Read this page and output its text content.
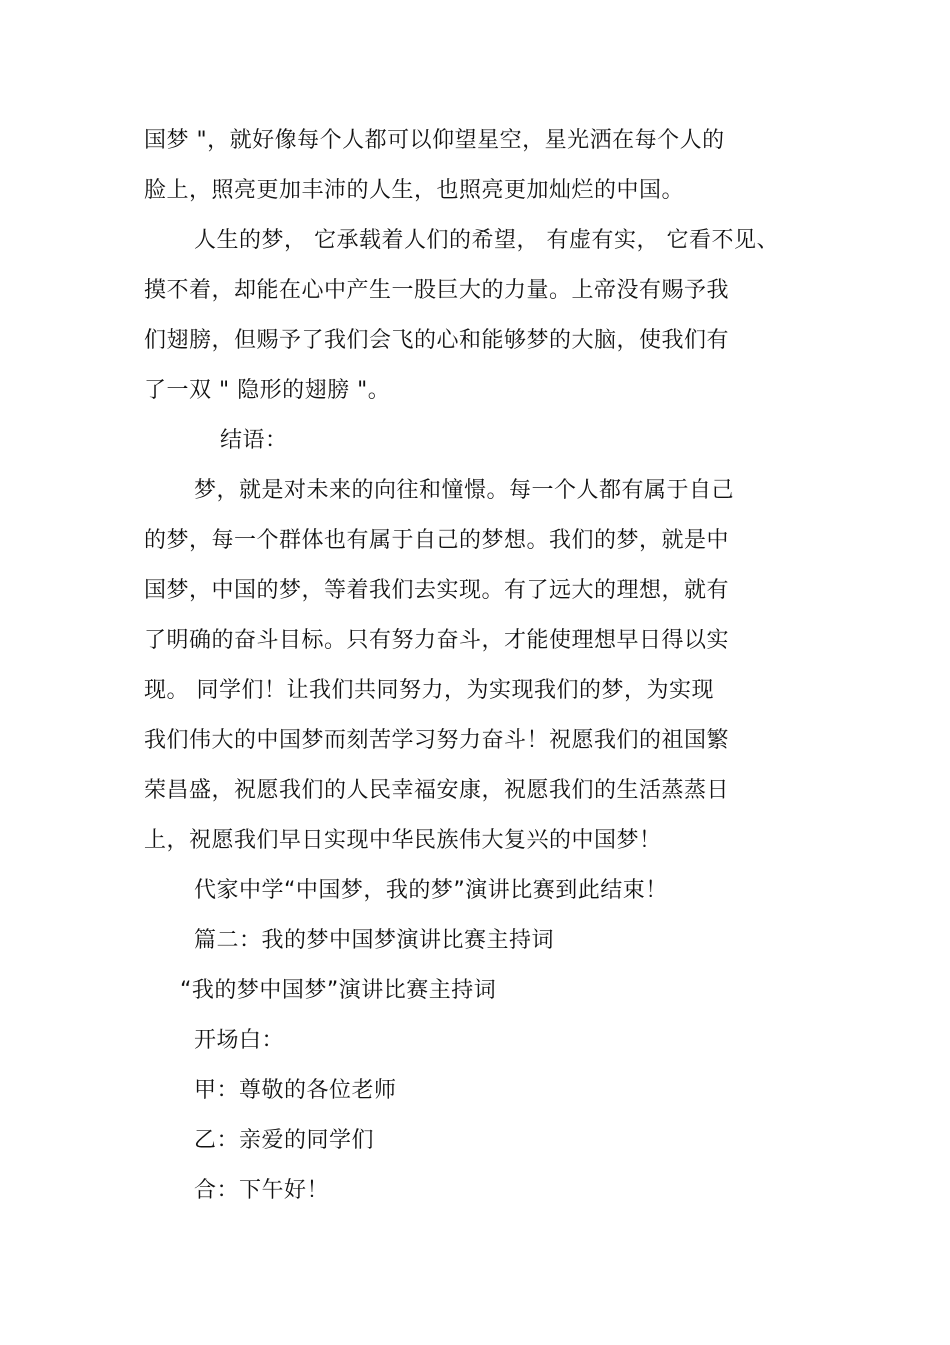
国梦 "，就好像每个人都可以仰望星空，星光洒在每个人的
脸上，照亮更加丰沛的人生，也照亮更加灿烂的中国。
人生的梦， 它承载着人们的希望， 有虚有实， 它看不见、
摸不着，却能在心中产生一股巨大的力量。上帝没有赐予我
们翅膀，但赐予了我们会飞的心和能够梦的大脑，使我们有
了一双 " 隐形的翅膀 "。
结语：
梦，就是对未来的向往和憧憬。每一个人都有属于自己
的梦，每一个群体也有属于自己的梦想。我们的梦，就是中
国梦，中国的梦，等着我们去实现。有了远大的理想，就有
了明确的奋斗目标。只有努力奋斗，才能使理想早日得以实
现。 同学们！让我们共同努力，为实现我们的梦，为实现
我们伟大的中国梦而刻苦学习努力奋斗！祝愿我们的祖国繁
荣昌盛，祝愿我们的人民幸福安康，祝愿我们的生活蒸蒸日
上，祝愿我们早日实现中华民族伟大复兴的中国梦！
代家中学“中国梦，我的梦”演讲比赛到此结束！
篇二：我的梦中国梦演讲比赛主持词
“我的梦中国梦”演讲比赛主持词
开场白：
甲：尊敬的各位老师
乙：亲爱的同学们
合：下午好！
